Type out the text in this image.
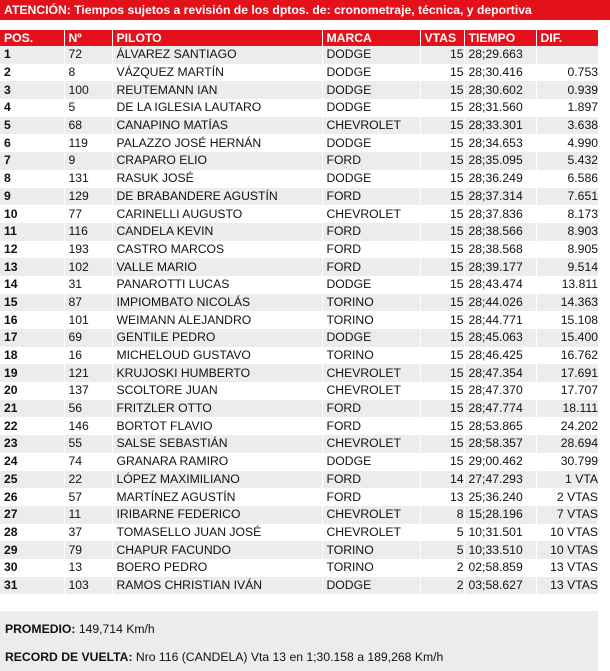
ATENCIÓN: Tiempos sujetos a revisión de los dptos. de: cronometraje, técnica, y deportiva
POS.	Nº	PILOTO	MARCA	VTAS	TIEMPO	DIF.
1	72	ÁLVAREZ SANTIAGO	DODGE	15	28;29.663	
2	8	VÁZQUEZ MARTÍN	DODGE	15	28;30.416	0.753
3	100	REUTEMANN IAN	DODGE	15	28;30.602	0.939
4	5	DE LA IGLESIA LAUTARO	DODGE	15	28;31.560	1.897
5	68	CANAPINO MATÍAS	CHEVROLET	15	28;33.301	3.638
6	119	PALAZZO JOSÉ HERNÁN	DODGE	15	28;34.653	4.990
7	9	CRAPARO ELIO	FORD	15	28;35.095	5.432
8	131	RASUK JOSÉ	DODGE	15	28;36.249	6.586
9	129	DE BRABANDERE AGUSTÍN	FORD	15	28;37.314	7.651
10	77	CARINELLI AUGUSTO	CHEVROLET	15	28;37.836	8.173
11	116	CANDELA KEVIN	FORD	15	28;38.566	8.903
12	193	CASTRO MARCOS	FORD	15	28;38.568	8.905
13	102	VALLE MARIO	FORD	15	28;39.177	9.514
14	31	PANAROTTI LUCAS	DODGE	15	28;43.474	13.811
15	87	IMPIOMBATO NICOLÁS	TORINO	15	28;44.026	14.363
16	101	WEIMANN ALEJANDRO	TORINO	15	28;44.771	15.108
17	69	GENTILE PEDRO	DODGE	15	28;45.063	15.400
18	16	MICHELOUD GUSTAVO	TORINO	15	28;46.425	16.762
19	121	KRUJOSKI HUMBERTO	CHEVROLET	15	28;47.354	17.691
20	137	SCOLTORE JUAN	CHEVROLET	15	28;47.370	17.707
21	56	FRITZLER OTTO	FORD	15	28;47.774	18.111
22	146	BORTOT FLAVIO	FORD	15	28;53.865	24.202
23	55	SALSE SEBASTIÁN	CHEVROLET	15	28;58.357	28.694
24	74	GRANARA RAMIRO	DODGE	15	29;00.462	30.799
25	22	LÓPEZ MAXIMILIANO	FORD	14	27;47.293	1 VTA
26	57	MARTÍNEZ AGUSTÍN	FORD	13	25;36.240	2 VTAS
27	11	IRIBARNE FEDERICO	CHEVROLET	8	15;28.196	7 VTAS
28	37	TOMASELLO JUAN JOSÉ	CHEVROLET	5	10;31.501	10 VTAS
29	79	CHAPUR FACUNDO	TORINO	5	10;33.510	10 VTAS
30	13	BOERO PEDRO	TORINO	2	02;58.859	13 VTAS
31	103	RAMOS CHRISTIAN IVÁN	DODGE	2	03;58.627	13 VTAS
PROMEDIO: 149,714 Km/h
RECORD DE VUELTA: Nro 116 (CANDELA) Vta 13 en 1;30.158 a 189,268 Km/h
